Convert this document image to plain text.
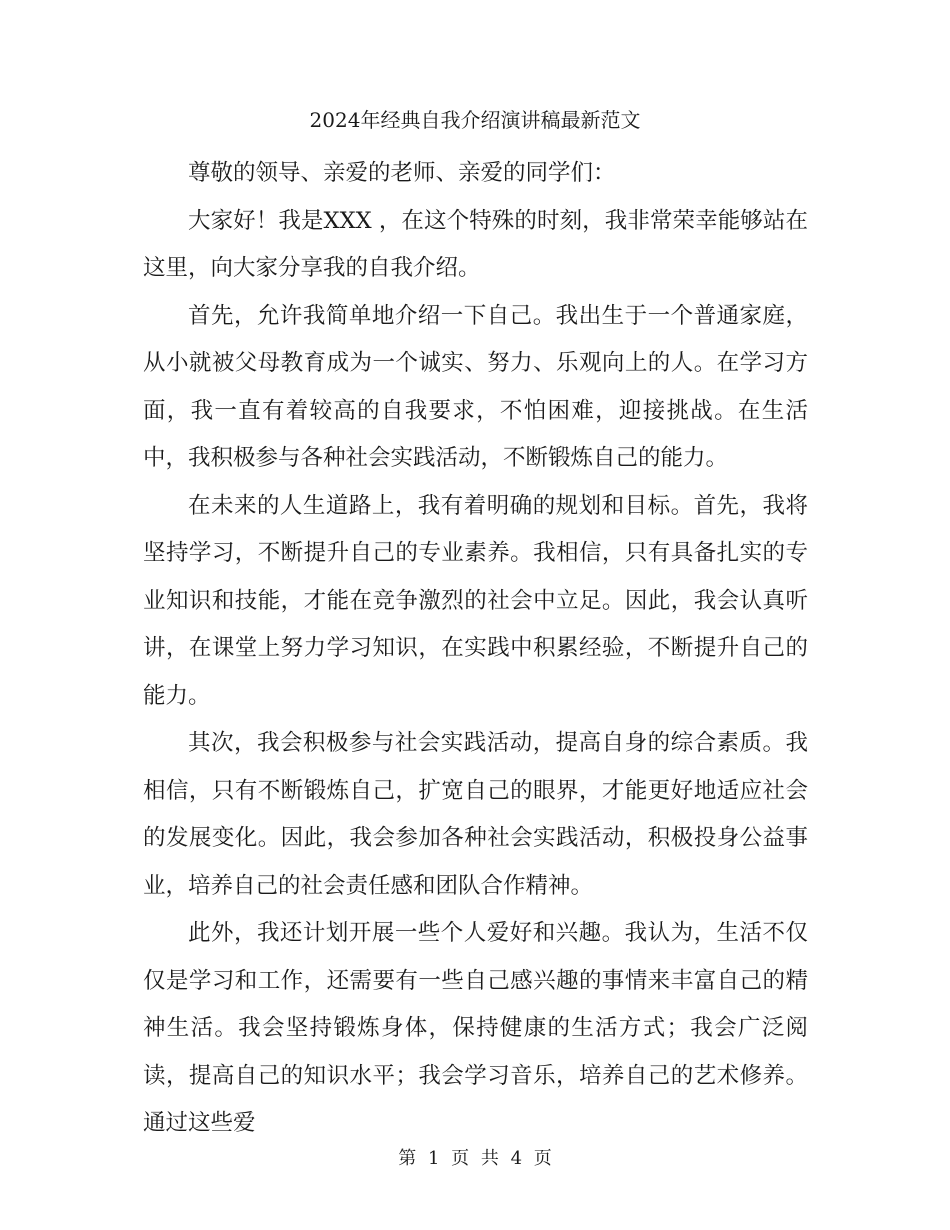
2024年经典自我介绍演讲稿最新范文

尊敬的领导、亲爱的老师、亲爱的同学们：

大家好！我是XXX ，在这个特殊的时刻，我非常荣幸能够站在这里，向大家分享我的自我介绍。

首先，允许我简单地介绍一下自己。我出生于一个普通家庭，从小就被父母教育成为一个诚实、努力、乐观向上的人。在学习方面，我一直有着较高的自我要求，不怕困难，迎接挑战。在生活中，我积极参与各种社会实践活动，不断锻炼自己的能力。

在未来的人生道路上，我有着明确的规划和目标。首先，我将坚持学习，不断提升自己的专业素养。我相信，只有具备扎实的专业知识和技能，才能在竞争激烈的社会中立足。因此，我会认真听讲，在课堂上努力学习知识，在实践中积累经验，不断提升自己的能力。

其次，我会积极参与社会实践活动，提高自身的综合素质。我相信，只有不断锻炼自己，扩宽自己的眼界，才能更好地适应社会的发展变化。因此，我会参加各种社会实践活动，积极投身公益事业，培养自己的社会责任感和团队合作精神。

此外，我还计划开展一些个人爱好和兴趣。我认为，生活不仅仅是学习和工作，还需要有一些自己感兴趣的事情来丰富自己的精神生活。我会坚持锻炼身体，保持健康的生活方式；我会广泛阅读，提高自己的知识水平；我会学习音乐，培养自己的艺术修养。通过这些爱

第 1 页 共 4 页
